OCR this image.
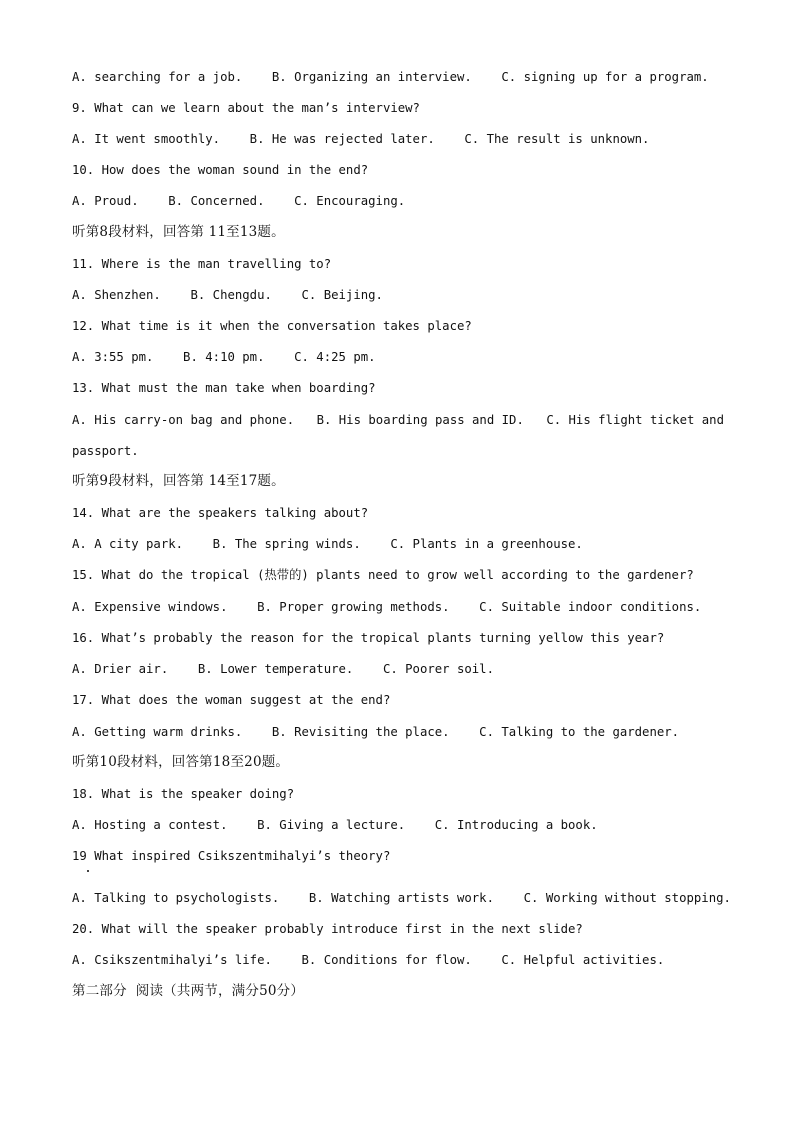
A. searching for a job.    B. Organizing an interview.    C. signing up for a program.
9. What can we learn about the man’s interview?
A. It went smoothly.    B. He was rejected later.    C. The result is unknown.
10. How does the woman sound in the end?
A. Proud.    B. Concerned.    C. Encouraging.
听第8段材料，回答第 11至13题。
11. Where is the man travelling to?
A. Shenzhen.    B. Chengdu.    C. Beijing.
12. What time is it when the conversation takes place?
A. 3:55 pm.    B. 4:10 pm.    C. 4:25 pm.
13. What must the man take when boarding?
A. His carry-on bag and phone. B. His boarding pass and ID. C. His flight ticket and
passport.
听第9段材料，回答第 14至17题。
14. What are the speakers talking about?
A. A city park.    B. The spring winds.    C. Plants in a greenhouse.
15. What do the tropical (热带的) plants need to grow well according to the gardener?
A. Expensive windows.    B. Proper growing methods.    C. Suitable indoor conditions.
16. What’s probably the reason for the tropical plants turning yellow this year?
A. Drier air.    B. Lower temperature.    C. Poorer soil.
17. What does the woman suggest at the end?
A. Getting warm drinks.    B. Revisiting the place.    C. Talking to the gardener.
听第10段材料，回答第18至20题。
18. What is the speaker doing?
A. Hosting a contest.    B. Giving a lecture.    C. Introducing a book.
19 What inspired Csikszentmihalyi’s theory?
A. Talking to psychologists.    B. Watching artists work.    C. Working without stopping.
20. What will the speaker probably introduce first in the next slide?
A. Csikszentmihalyi’s life.    B. Conditions for flow.    C. Helpful activities.
第二部分  阅读（共两节，满分50分）
